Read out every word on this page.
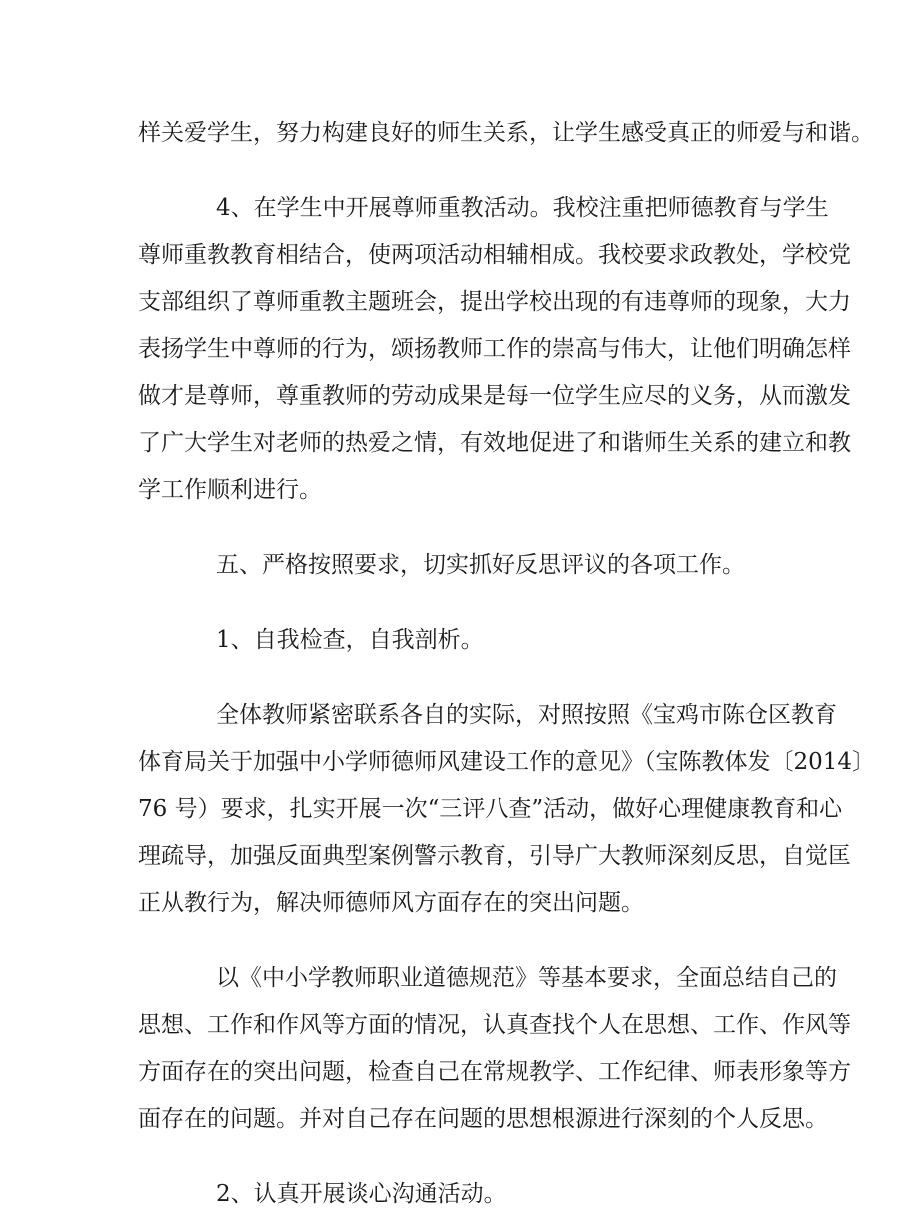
样关爱学生，努力构建良好的师生关系，让学生感受真正的师爱与和谐。
4、在学生中开展尊师重教活动。我校注重把师德教育与学生
尊师重教教育相结合，使两项活动相辅相成。我校要求政教处，学校党
支部组织了尊师重教主题班会，提出学校出现的有违尊师的现象，大力
表扬学生中尊师的行为，颂扬教师工作的崇高与伟大，让他们明确怎样
做才是尊师，尊重教师的劳动成果是每一位学生应尽的义务，从而激发
了广大学生对老师的热爱之情，有效地促进了和谐师生关系的建立和教
学工作顺利进行。
五、严格按照要求，切实抓好反思评议的各项工作。
1、自我检查，自我剖析。
全体教师紧密联系各自的实际，对照按照《宝鸡市陈仓区教育
体育局关于加强中小学师德师风建设工作的意见》（宝陈教体发〔2014〕
76 号）要求，扎实开展一次“三评八查”活动，做好心理健康教育和心
理疏导，加强反面典型案例警示教育，引导广大教师深刻反思，自觉匡
正从教行为，解决师德师风方面存在的突出问题。
以《中小学教师职业道德规范》等基本要求，全面总结自己的
思想、工作和作风等方面的情况，认真查找个人在思想、工作、作风等
方面存在的突出问题，检查自己在常规教学、工作纪律、师表形象等方
面存在的问题。并对自己存在问题的思想根源进行深刻的个人反思。
2、认真开展谈心沟通活动。
